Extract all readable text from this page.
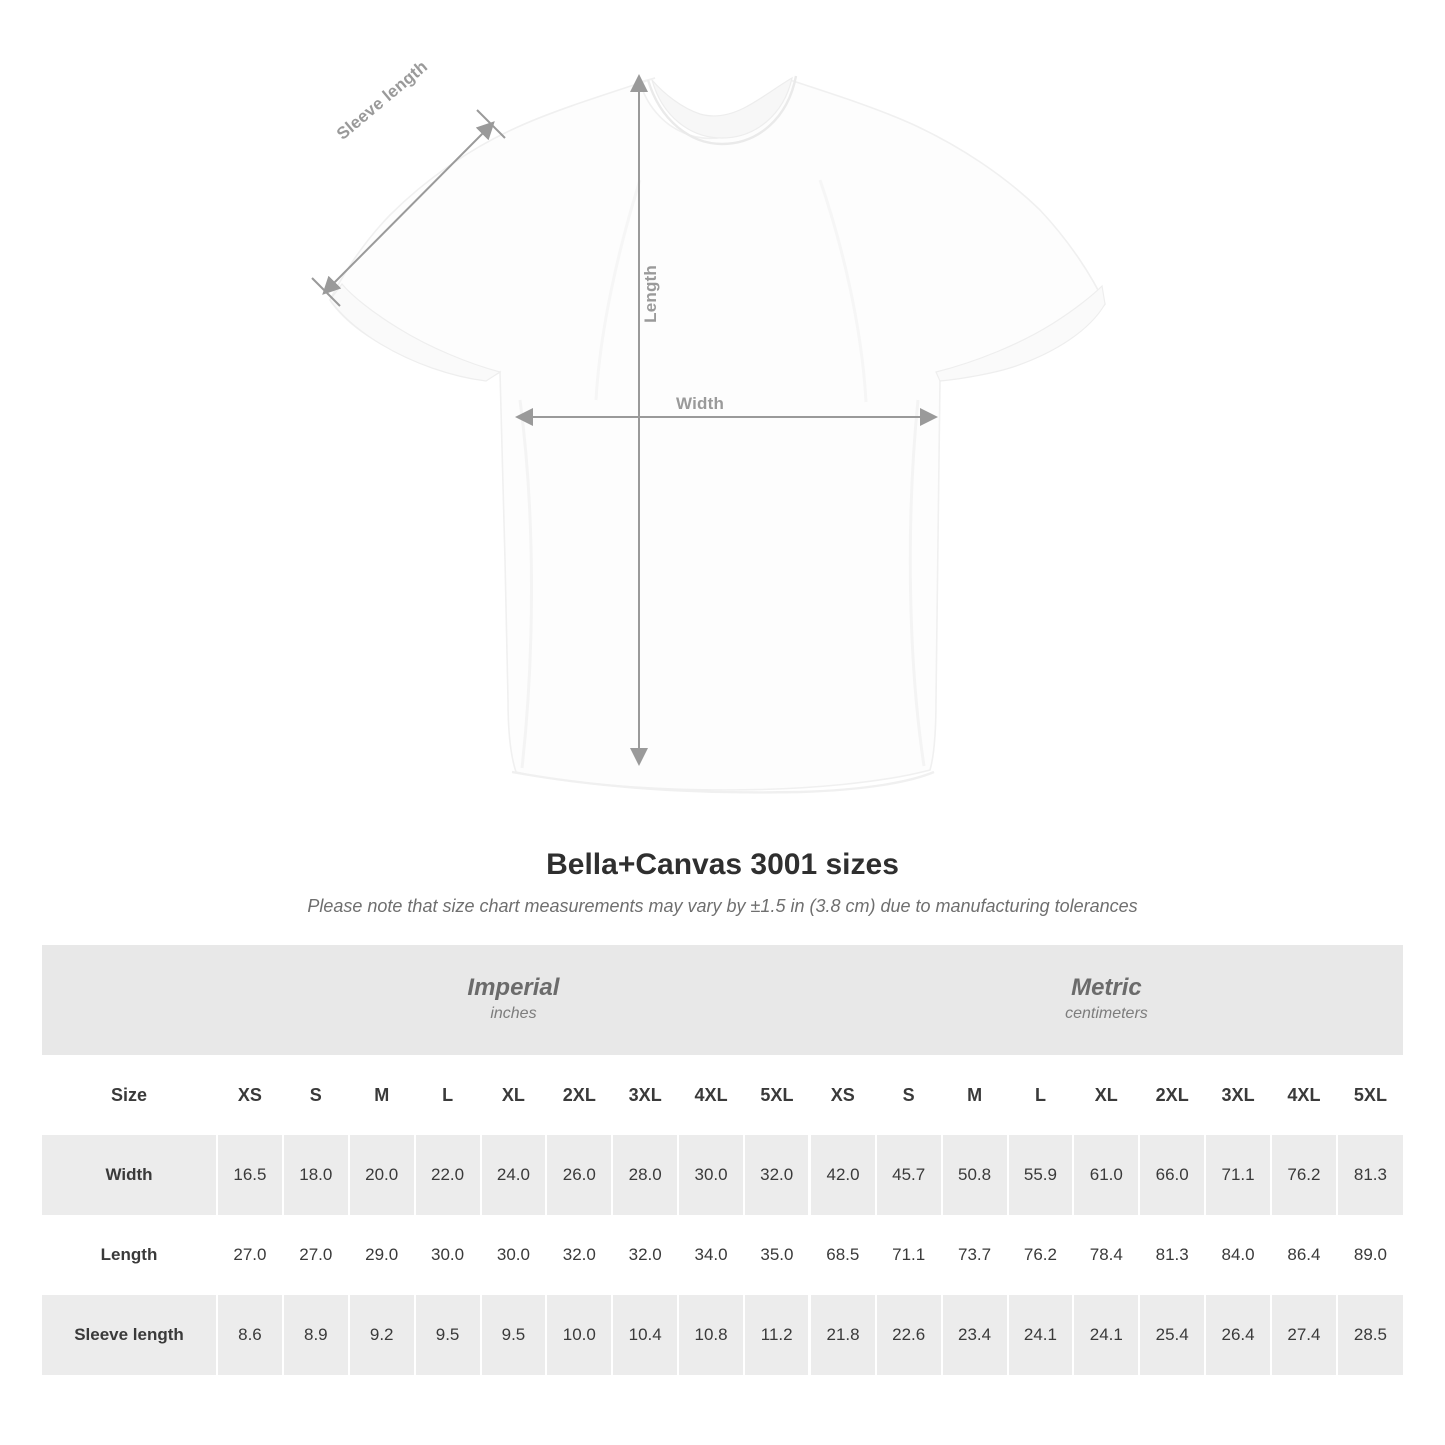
Width
Length
Sleeve length
Bella+Canvas 3001 sizes

Please note that size chart measurements may vary by ±1.5 in (3.8 cm) due to manufacturing tolerances

	Imperial
inches									Metric
centimeters								

Size	XS	S	M	L	XL	2XL	3XL	4XL	5XL	XS	S	M	L	XL	2XL	3XL	4XL	5XL
Width	16.5	18.0	20.0	22.0	24.0	26.0	28.0	30.0	32.0	42.0	45.7	50.8	55.9	61.0	66.0	71.1	76.2	81.3
Length	27.0	27.0	29.0	30.0	30.0	32.0	32.0	34.0	35.0	68.5	71.1	73.7	76.2	78.4	81.3	84.0	86.4	89.0
Sleeve length	8.6	8.9	9.2	9.5	9.5	10.0	10.4	10.8	11.2	21.8	22.6	23.4	24.1	24.1	25.4	26.4	27.4	28.5
